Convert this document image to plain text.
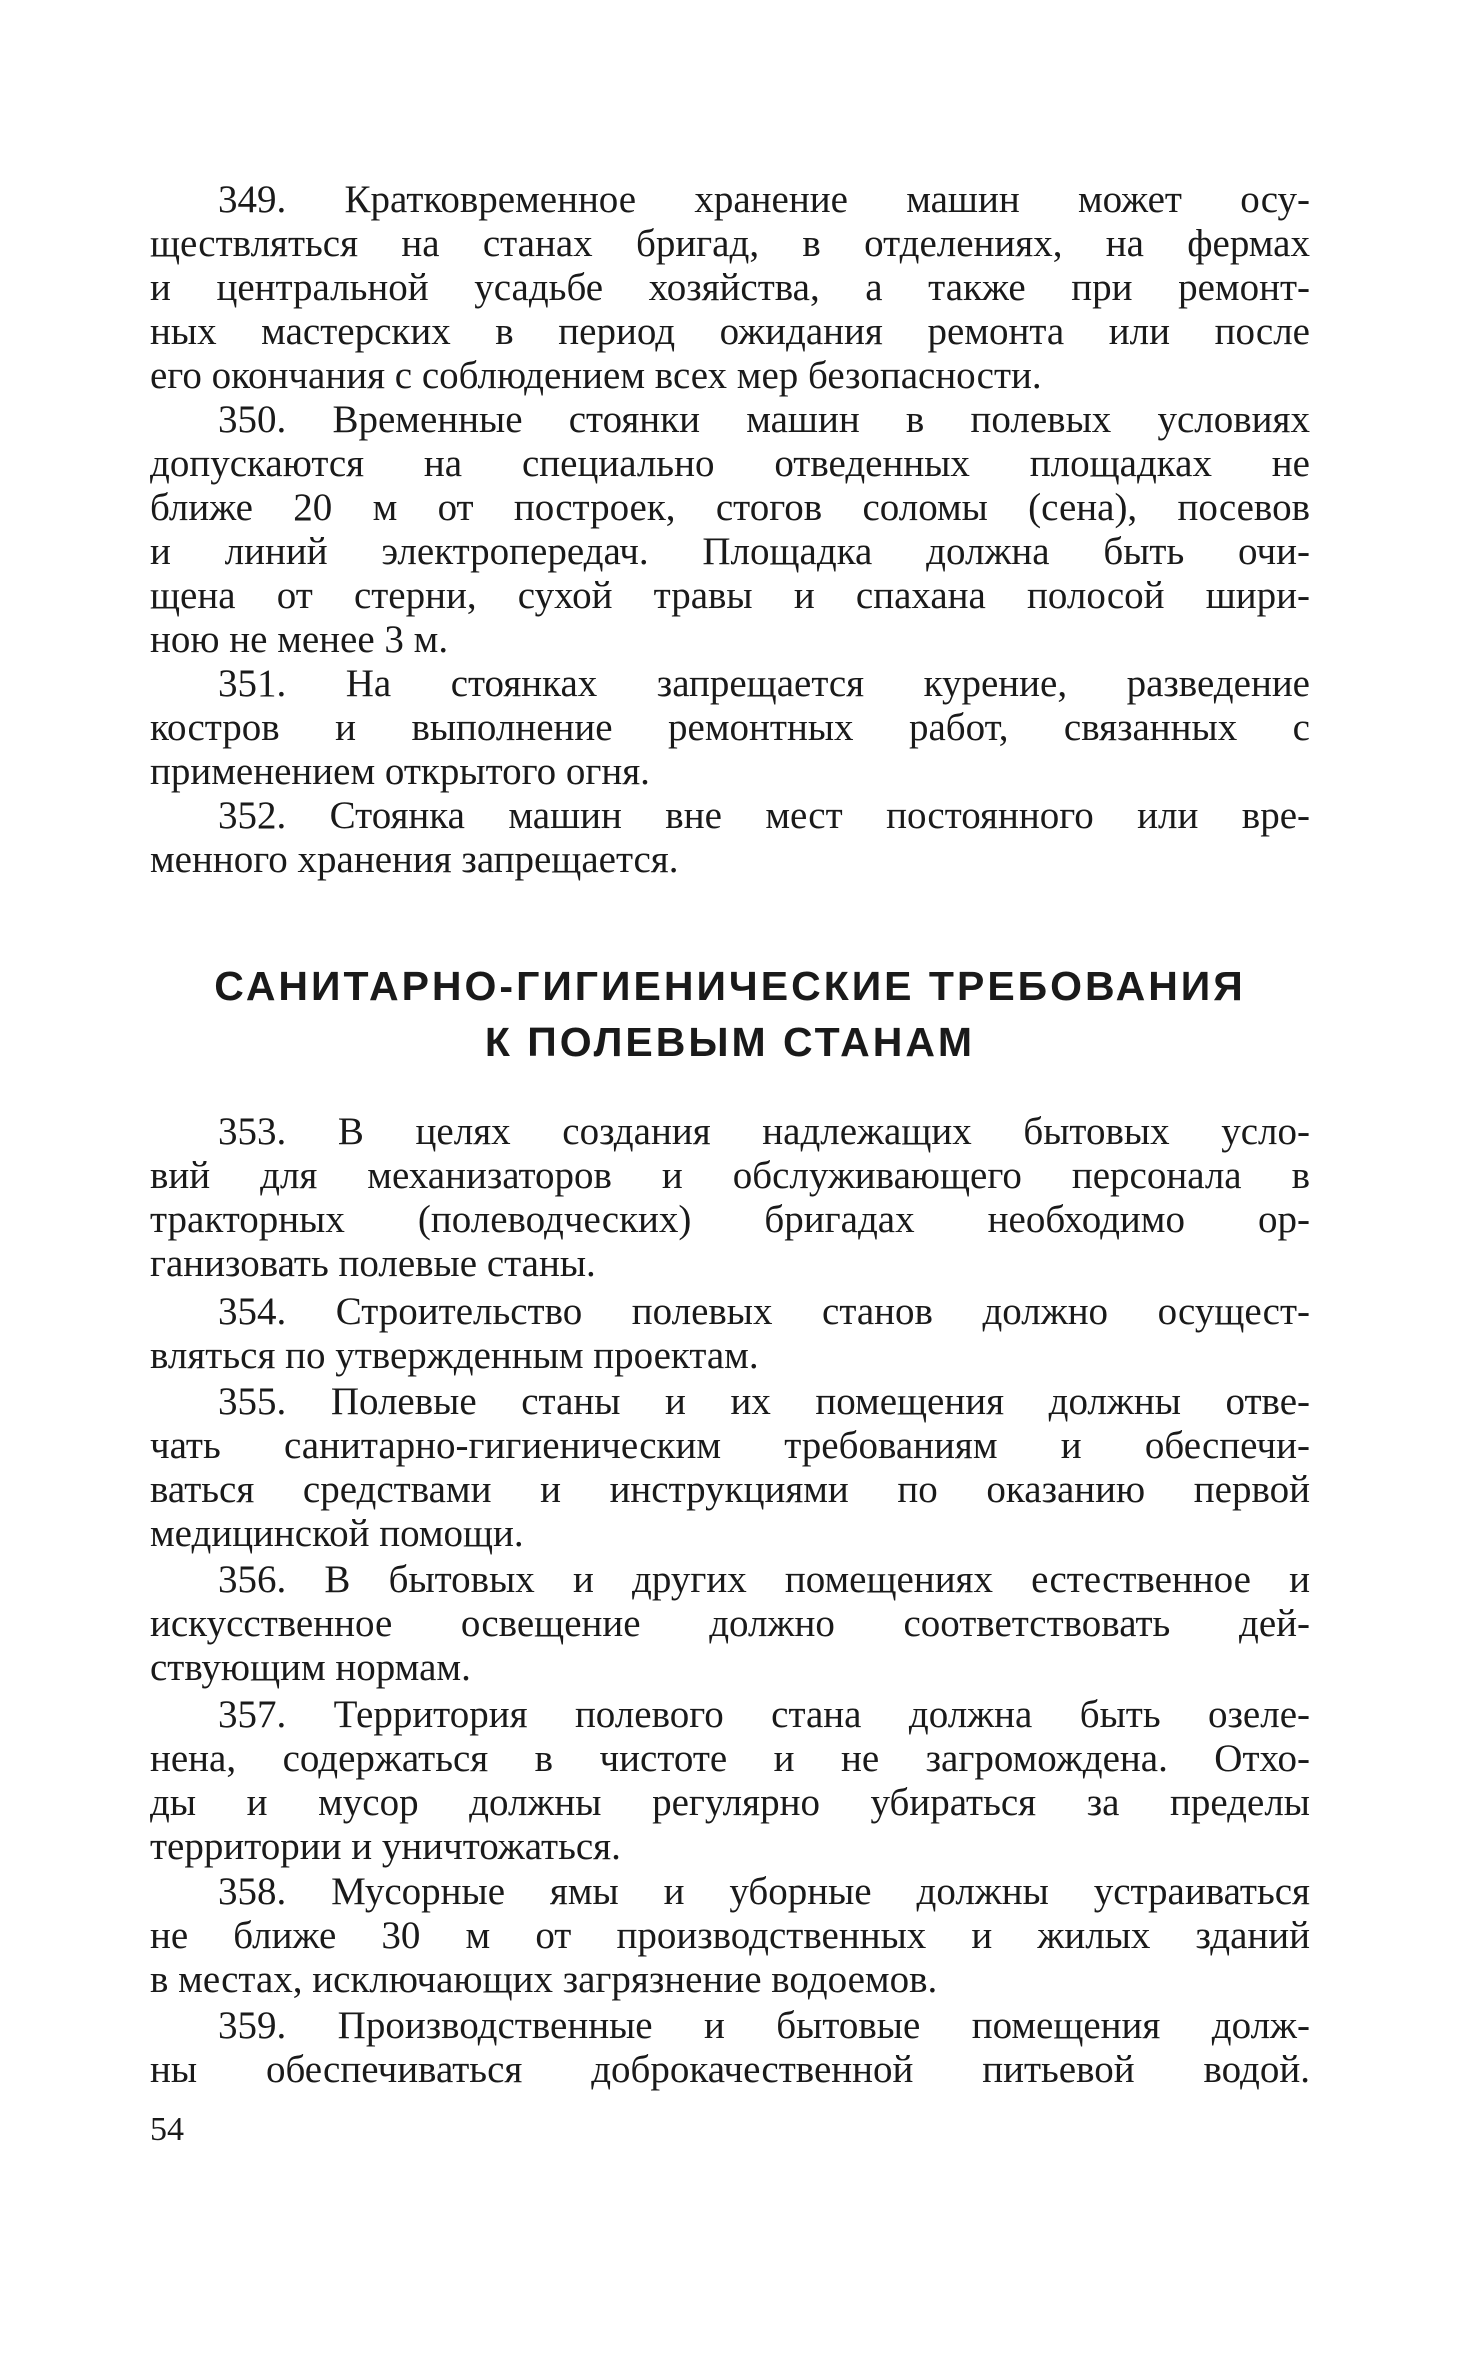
349. Кратковременное хранение машин может осу-
ществляться на станах бригад, в отделениях, на фермах
и центральной усадьбе хозяйства, а также при ремонт-
ных мастерских в период ожидания ремонта или после
его окончания с соблюдением всех мер безопасности.
350. Временные стоянки машин в полевых условиях
допускаются на специально отведенных площадках не
ближе 20 м от построек, стогов соломы (сена), посевов
и линий электропередач. Площадка должна быть очи-
щена от стерни, сухой травы и спахана полосой шири-
ною не менее 3 м.
351. На стоянках запрещается курение, разведение
костров и выполнение ремонтных работ, связанных с
применением открытого огня.
352. Стоянка машин вне мест постоянного или вре-
менного хранения запрещается.
САНИТАРНО-ГИГИЕНИЧЕСКИЕ ТРЕБОВАНИЯ
К ПОЛЕВЫМ СТАНАМ
353. В целях создания надлежащих бытовых усло-
вий для механизаторов и обслуживающего персонала в
тракторных (полеводческих) бригадах необходимо ор-
ганизовать полевые станы.
354. Строительство полевых станов должно осущест-
вляться по утвержденным проектам.
355. Полевые станы и их помещения должны отве-
чать санитарно-гигиеническим требованиям и обеспечи-
ваться средствами и инструкциями по оказанию первой
медицинской помощи.
356. В бытовых и других помещениях естественное и
искусственное освещение должно соответствовать дей-
ствующим нормам.
357. Территория полевого стана должна быть озеле-
нена, содержаться в чистоте и не загромождена. Отхо-
ды и мусор должны регулярно убираться за пределы
территории и уничтожаться.
358. Мусорные ямы и уборные должны устраиваться
не ближе 30 м от производственных и жилых зданий
в местах, исключающих загрязнение водоемов.
359. Производственные и бытовые помещения долж-
ны обеспечиваться доброкачественной питьевой водой.
54
